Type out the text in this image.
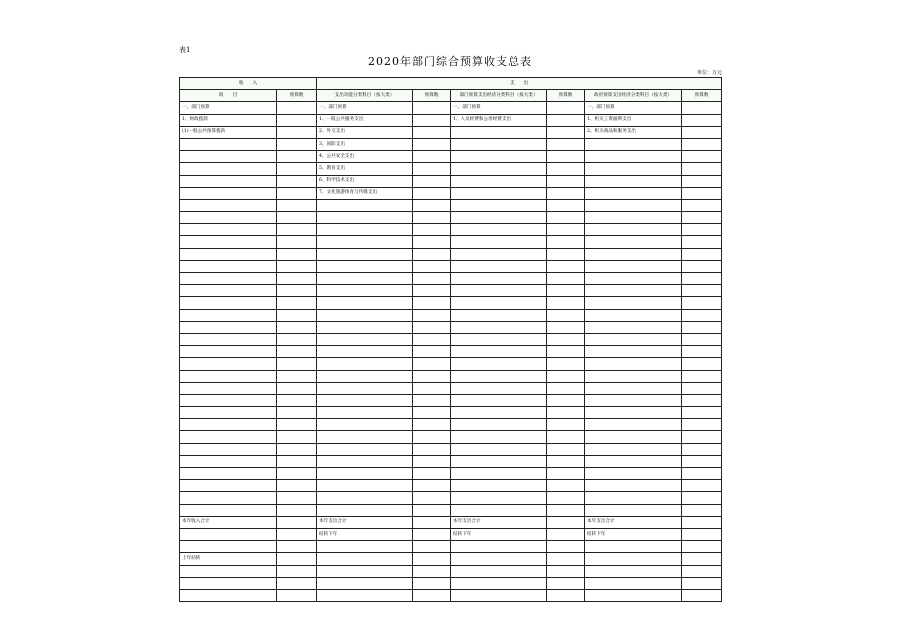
表1
2020年部门综合预算收支总表
单位：万元
收　　入		支　　出					
项　　目	预算数	支出功能分类科目（按大类）	预算数	部门预算支出经济分类科目（按大类）	预算数	政府预算支出经济分类科目（按大类）	预算数
一、部门预算		一、部门预算		一、部门预算		一、部门预算	
1、财政拨款		1、一般公共服务支出		1、人员经费和公用经费支出		1、机关工资福利支出	
(1)一般公共预算拨款		2、外交支出				2、机关商品和服务支出	
		3、国防支出					
		4、公共安全支出					
		5、教育支出					
		6、科学技术支出					
		7、文化旅游体育与传媒支出					

本年收入合计		本年支出合计		本年支出合计		本年支出合计	
		结转下年		结转下年		结转下年	

上年结转							
